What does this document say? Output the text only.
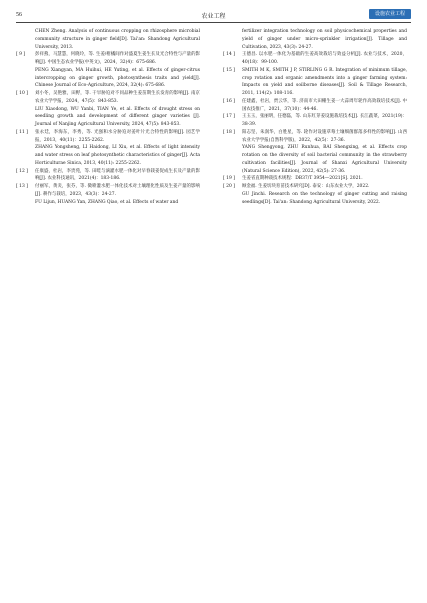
56	农业工程	设施农业工程

CHEN Zheng. Analysis of continuous cropping on rhizosphere microbial community structure in ginger field[D]. Tai'an: Shandong Agricultural University, 2013.

[ 9 ]	彭祥燕，马慧慧，何晓玲，等. 生姜/柑橘间作对盛夏生姜生长及光合特性与产量的影响[J]. 中国生态农业学报(中英文)，2024，32(4)：675-686.

PENG Xiangyan, MA Huihui, HE Yuting, et al. Effects of ginger-citrus intercropping on ginger growth, photosynthesis traits and yield[J]. Chinese Journal of Eco-Agriculture, 2024, 32(4): 675-686.

[ 10 ]	刘小冬，吴艳雅，田野，等. 干旱胁迫对不同品种生姜苗期生长发育的影响[J]. 南京农业大学学报，2024，47(5)：843-853.

LIU Xiaodong, WU Yanbi, TIAN Ye, et al. Effects of drought stress on seedling growth and development of different ginger varieties [J]. Journal of Nanjing Agricultural University, 2024, 47(5): 843-853.

[ 11 ]	张永廷，李海东，李秀，等. 光强和水分胁迫对姜叶片光合特性的影响[J]. 园艺学报，2013，40(11)：2255-2262.

ZHANG Yongsheng, LI Haidong, LI Xiu, et al. Effects of light intensity and water stress on leaf photosynthetic characteristics of ginger[J]. Acta Horticulturae Sinica, 2013, 40(11): 2255-2262.

[ 12 ]	任康盛，杜岩，李贵苑，等. 田畦与滴灌水肥一体化对早春栽姜促成生长及产量的影响[J]. 农业科技通讯，2021(4)：183-186.

[ 13 ]	付丽军，黄炎，张芬，等. 微喷灌水肥一体化技术对土壤理化性质及生姜产量的影响[J]. 耕作与栽培，2023，43(3)：24-27.

FU Lijun, HUANG Yan, ZHANG Qiao, et al. Effects of water and

fertilizer integration technology on soil physicochemical properties and yield of ginger under micro-sprinkler irrigation[J]. Tillage and Cultivation, 2023, 43(3): 24-27.

[ 14 ]	王德昌. 以水肥一体化为基础的生姜高效栽培与效益分析[J]. 农业与技术，2020，40(18)：99-100.

[ 15 ]	SMITH M K, SMITH J P, STIRLING G R. Integration of minimum tillage, crop rotation and organic amendments into a ginger farming system: Impacts on yield and soilborne diseases[J]. Soil & Tillage Research, 2011, 114(2): 108-116.

[ 16 ]	任建鑫，杜岩，贾云华，等. 济南市大田栅生姜一大蒜周年轮作高效栽培技术[J]. 中国农技推广，2021，37(10)：44-46.

[ 17 ]	王玉玉，张丽明，任德磊，等. 山东红芽姜设施栽培技术[J]. 长江蔬菜，2021(19)：38-39.

[ 18 ]	阳志坚，朱润华，白胜星，等. 轮作对设施草莓土壤细菌群落多样性的影响[J]. 山西农业大学学报(自然科学版)，2022，42(5)：27-36.

YANG Shengyong, ZHU Runhua, BAI Shengxing, et al. Effects crop rotation on the diversity of soil bacterial community in the strawberry cultivation facilities[J]. Journal of Shanxi Agricultural University (Natural Science Edition), 2022, 42(5): 27-36.

[ 19 ]	生姜省直期种栽技术规程：DB37/T 3954—2021[S]. 2021.

[ 20 ]	顾金福. 生姜切块育苗技术研究[D]. 泰安：山东农业大学，2022.

GU Jinchi. Research on the technology of ginger cutting and raising seedlings[D]. Tai'an: Shandong Agricultural University, 2022.
